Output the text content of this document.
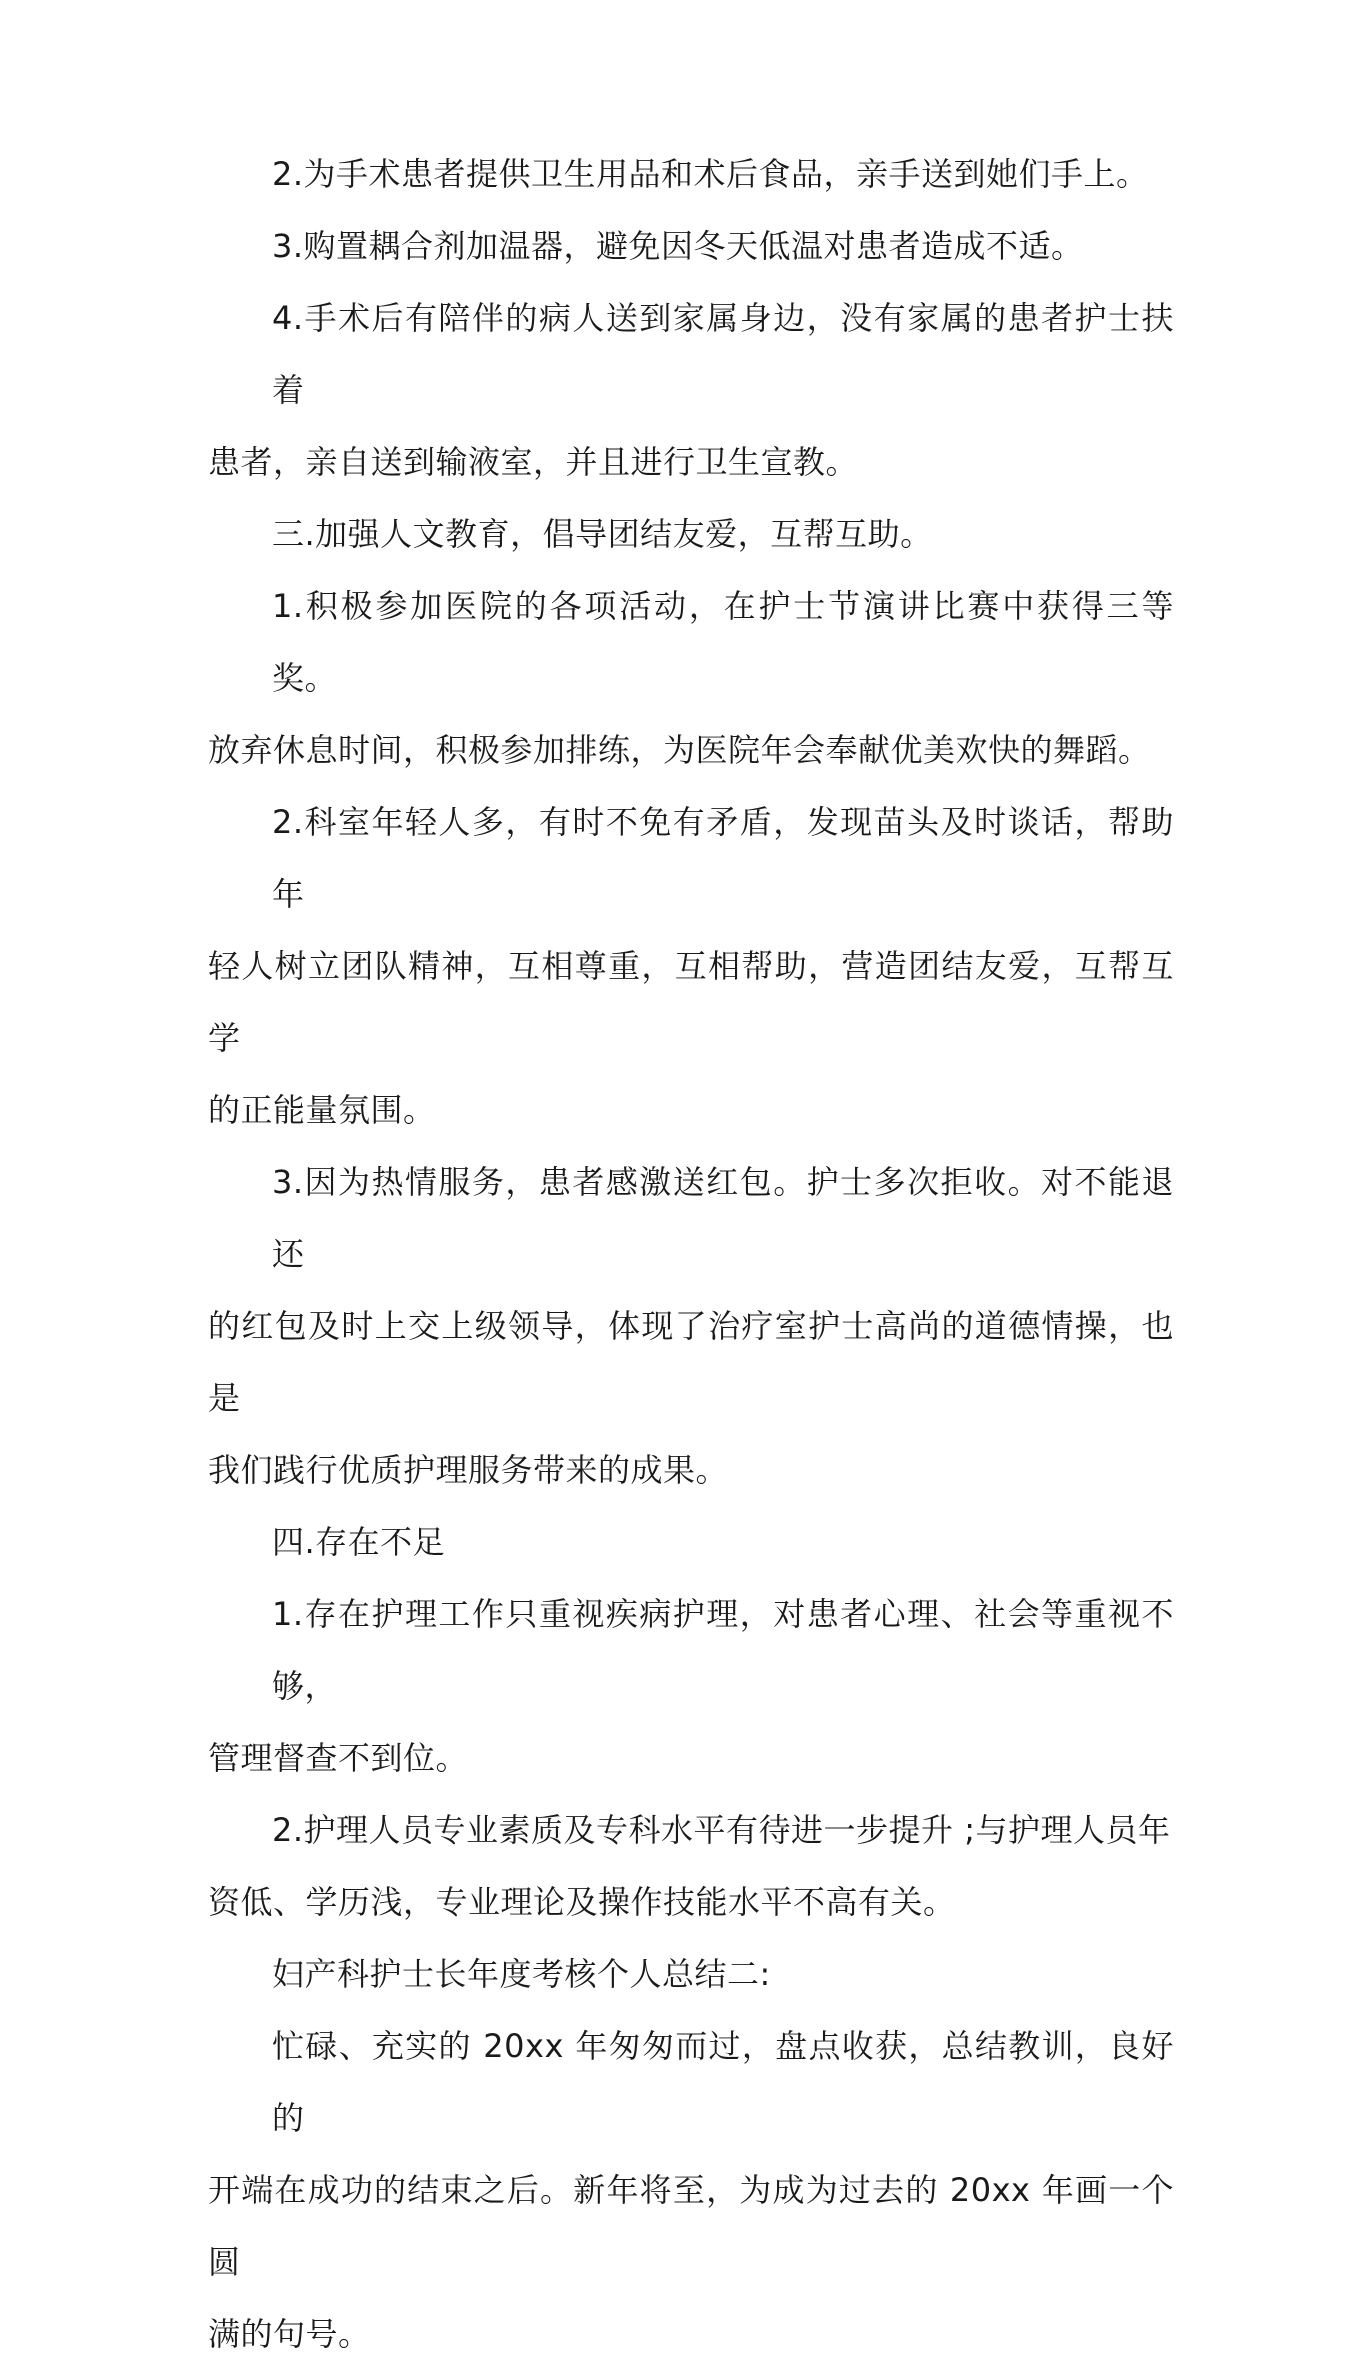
2.为手术患者提供卫生用品和术后食品，亲手送到她们手上。
3.购置耦合剂加温器，避免因冬天低温对患者造成不适。
4.手术后有陪伴的病人送到家属身边，没有家属的患者护士扶着
患者，亲自送到输液室，并且进行卫生宣教。
三.加强人文教育，倡导团结友爱，互帮互助。
1.积极参加医院的各项活动，在护士节演讲比赛中获得三等奖。
放弃休息时间，积极参加排练，为医院年会奉献优美欢快的舞蹈。
2.科室年轻人多，有时不免有矛盾，发现苗头及时谈话，帮助年
轻人树立团队精神，互相尊重，互相帮助，营造团结友爱，互帮互学
的正能量氛围。
3.因为热情服务，患者感激送红包。护士多次拒收。对不能退还
的红包及时上交上级领导，体现了治疗室护士高尚的道德情操，也是
我们践行优质护理服务带来的成果。
四.存在不足
1.存在护理工作只重视疾病护理，对患者心理、社会等重视不够，
管理督查不到位。
2.护理人员专业素质及专科水平有待进一步提升 ;与护理人员年
资低、学历浅，专业理论及操作技能水平不高有关。
妇产科护士长年度考核个人总结二:
忙碌、充实的 20xx 年匆匆而过，盘点收获，总结教训，良好的
开端在成功的结束之后。新年将至，为成为过去的 20xx 年画一个圆
满的句号。
